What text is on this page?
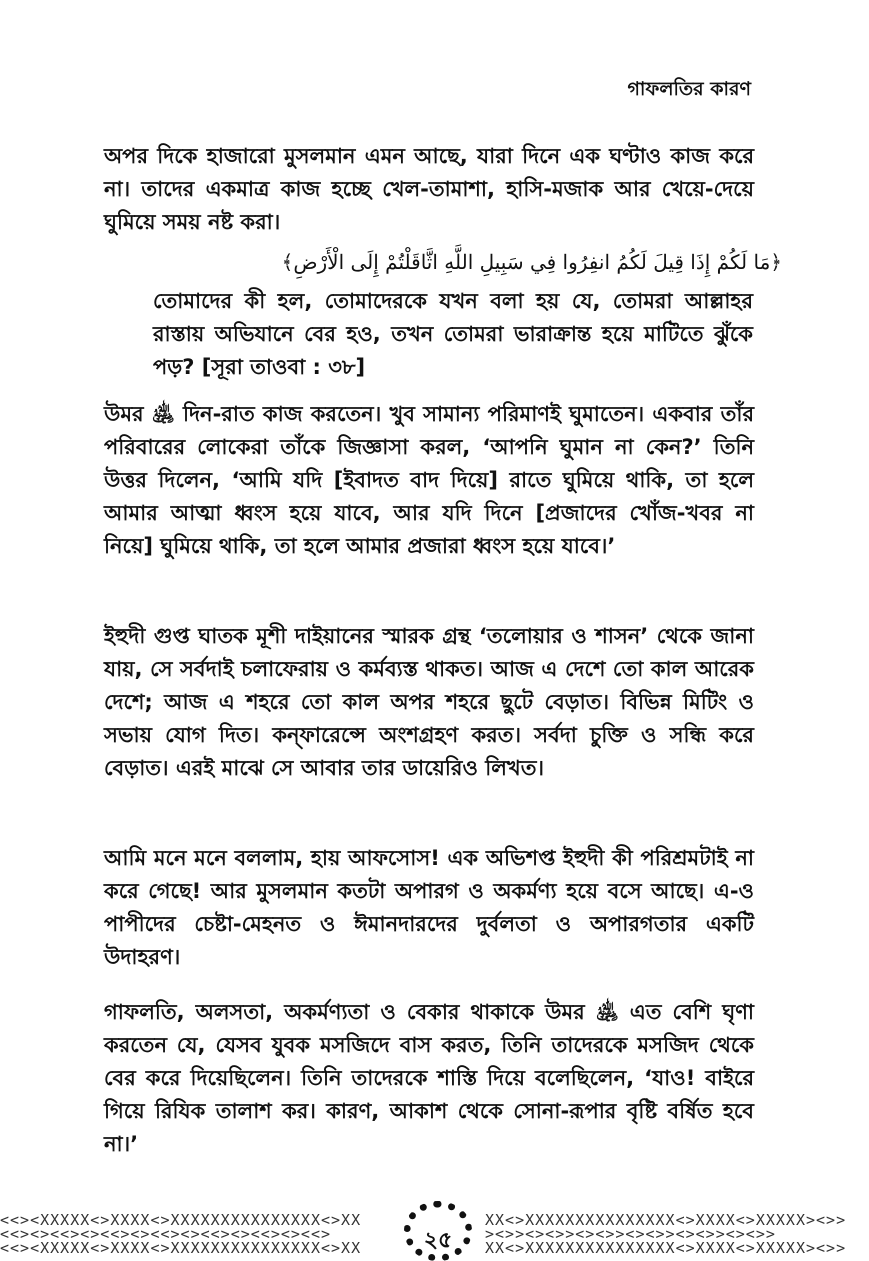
গাফলতির কারণ

অপর দিকে হাজারো মুসলমান এমন আছে, যারা দিনে এক ঘণ্টাও কাজ করে না। তাদের একমাত্র কাজ হচ্ছে খেল-তামাশা, হাসি-মজাক আর খেয়ে-দেয়ে ঘুমিয়ে সময় নষ্ট করা।

﴿مَا لَكُمْ إِذَا قِيلَ لَكُمُ انفِرُوا فِي سَبِيلِ اللَّهِ اثَّاقَلْتُمْ إِلَى الْأَرْضِ﴾

তোমাদের কী হল, তোমাদেরকে যখন বলা হয় যে, তোমরা আল্লাহর রাস্তায় অভিযানে বের হও, তখন তোমরা ভারাক্রান্ত হয়ে মাটিতে ঝুঁকে পড়? [সূরা তাওবা : ৩৮]

উমর ﵁ দিন-রাত কাজ করতেন। খুব সামান্য পরিমাণই ঘুমাতেন। একবার তাঁর পরিবারের লোকেরা তাঁকে জিজ্ঞাসা করল, ‘আপনি ঘুমান না কেন?’ তিনি উত্তর দিলেন, ‘আমি যদি [ইবাদত বাদ দিয়ে] রাতে ঘুমিয়ে থাকি, তা হলে আমার আত্মা ধ্বংস হয়ে যাবে, আর যদি দিনে [প্রজাদের খোঁজ-খবর না নিয়ে] ঘুমিয়ে থাকি, তা হলে আমার প্রজারা ধ্বংস হয়ে যাবে।’

ইহুদী গুপ্ত ঘাতক মূশী দাইয়ানের স্মারক গ্রন্থ ‘তলোয়ার ও শাসন’ থেকে জানা যায়, সে সর্বদাই চলাফেরায় ও কর্মব্যস্ত থাকত। আজ এ দেশে তো কাল আরেক দেশে; আজ এ শহরে তো কাল অপর শহরে ছুটে বেড়াত। বিভিন্ন মিটিং ও সভায় যোগ দিত। কন্‌ফারেন্সে অংশগ্রহণ করত। সর্বদা চুক্তি ও সন্ধি করে বেড়াত। এরই মাঝে সে আবার তার ডায়েরিও লিখত।

আমি মনে মনে বললাম, হায় আফসোস! এক অভিশপ্ত ইহুদী কী পরিশ্রমটাই না করে গেছে! আর মুসলমান কতটা অপারগ ও অকর্মণ্য হয়ে বসে আছে। এ-ও পাপীদের চেষ্টা-মেহনত ও ঈমানদারদের দুর্বলতা ও অপারগতার একটি উদাহরণ।

গাফলতি, অলসতা, অকর্মণ্যতা ও বেকার থাকাকে উমর ﵁ এত বেশি ঘৃণা করতেন যে, যেসব যুবক মসজিদে বাস করত, তিনি তাদেরকে মসজিদ থেকে বের করে দিয়েছিলেন। তিনি তাদেরকে শাস্তি দিয়ে বলেছিলেন, ‘যাও! বাইরে গিয়ে রিযিক তালাশ কর। কারণ, আকাশ থেকে সোনা-রূপার বৃষ্টি বর্ষিত হবে না।’

<<><XXXXX<>XXXX<>XXXXXXXXXXXXXXX<>XX
<<><><<><><<><><<><><<><><<><><<>
<<><XXXXX<>XXXX<>XXXXXXXXXXXXXXX<>XX	২৫
XX<>XXXXXXXXXXXXXXX<>XXXX<>XXXXX><>>
><>><><>><><>><><>><><>><><>>
XX<>XXXXXXXXXXXXXXX<>XXXX<>XXXXX><>>
